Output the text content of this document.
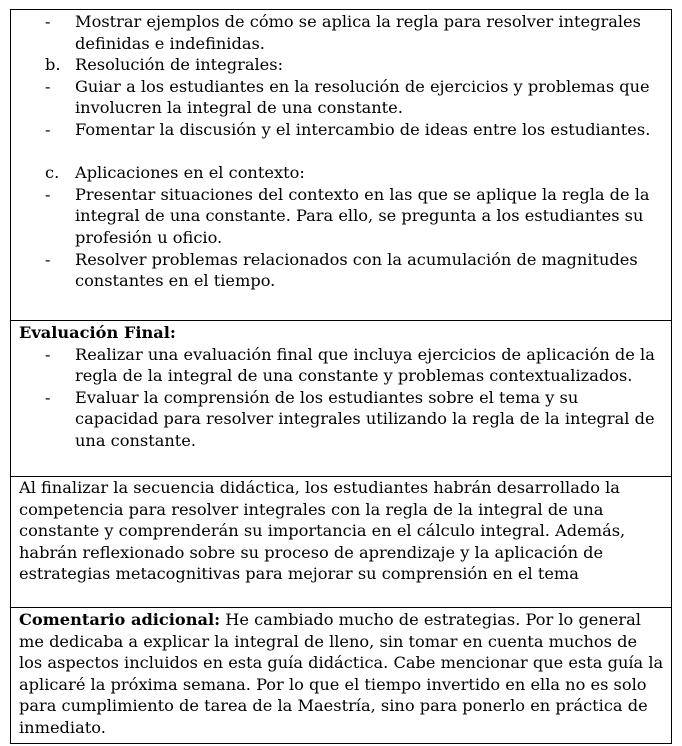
-	Mostrar ejemplos de cómo se aplica la regla para resolver integrales definidas e indefinidas.
b. Resolución de integrales:
-	Guiar a los estudiantes en la resolución de ejercicios y problemas que involucren la integral de una constante.
-	Fomentar la discusión y el intercambio de ideas entre los estudiantes.
c. Aplicaciones en el contexto:
-	Presentar situaciones del contexto en las que se aplique la regla de la integral de una constante. Para ello, se pregunta a los estudiantes su profesión u oficio.
-	Resolver problemas relacionados con la acumulación de magnitudes constantes en el tiempo.
Evaluación Final:
-	Realizar una evaluación final que incluya ejercicios de aplicación de la regla de la integral de una constante y problemas contextualizados.
-	Evaluar la comprensión de los estudiantes sobre el tema y su capacidad para resolver integrales utilizando la regla de la integral de una constante.
Al finalizar la secuencia didáctica, los estudiantes habrán desarrollado la competencia para resolver integrales con la regla de la integral de una constante y comprenderán su importancia en el cálculo integral. Además, habrán reflexionado sobre su proceso de aprendizaje y la aplicación de estrategias metacognitivas para mejorar su comprensión en el tema
Comentario adicional: He cambiado mucho de estrategias. Por lo general me dedicaba a explicar la integral de lleno, sin tomar en cuenta muchos de los aspectos incluidos en esta guía didáctica. Cabe mencionar que esta guía la aplicaré la próxima semana. Por lo que el tiempo invertido en ella no es solo para cumplimiento de tarea de la Maestría, sino para ponerlo en práctica de inmediato.
